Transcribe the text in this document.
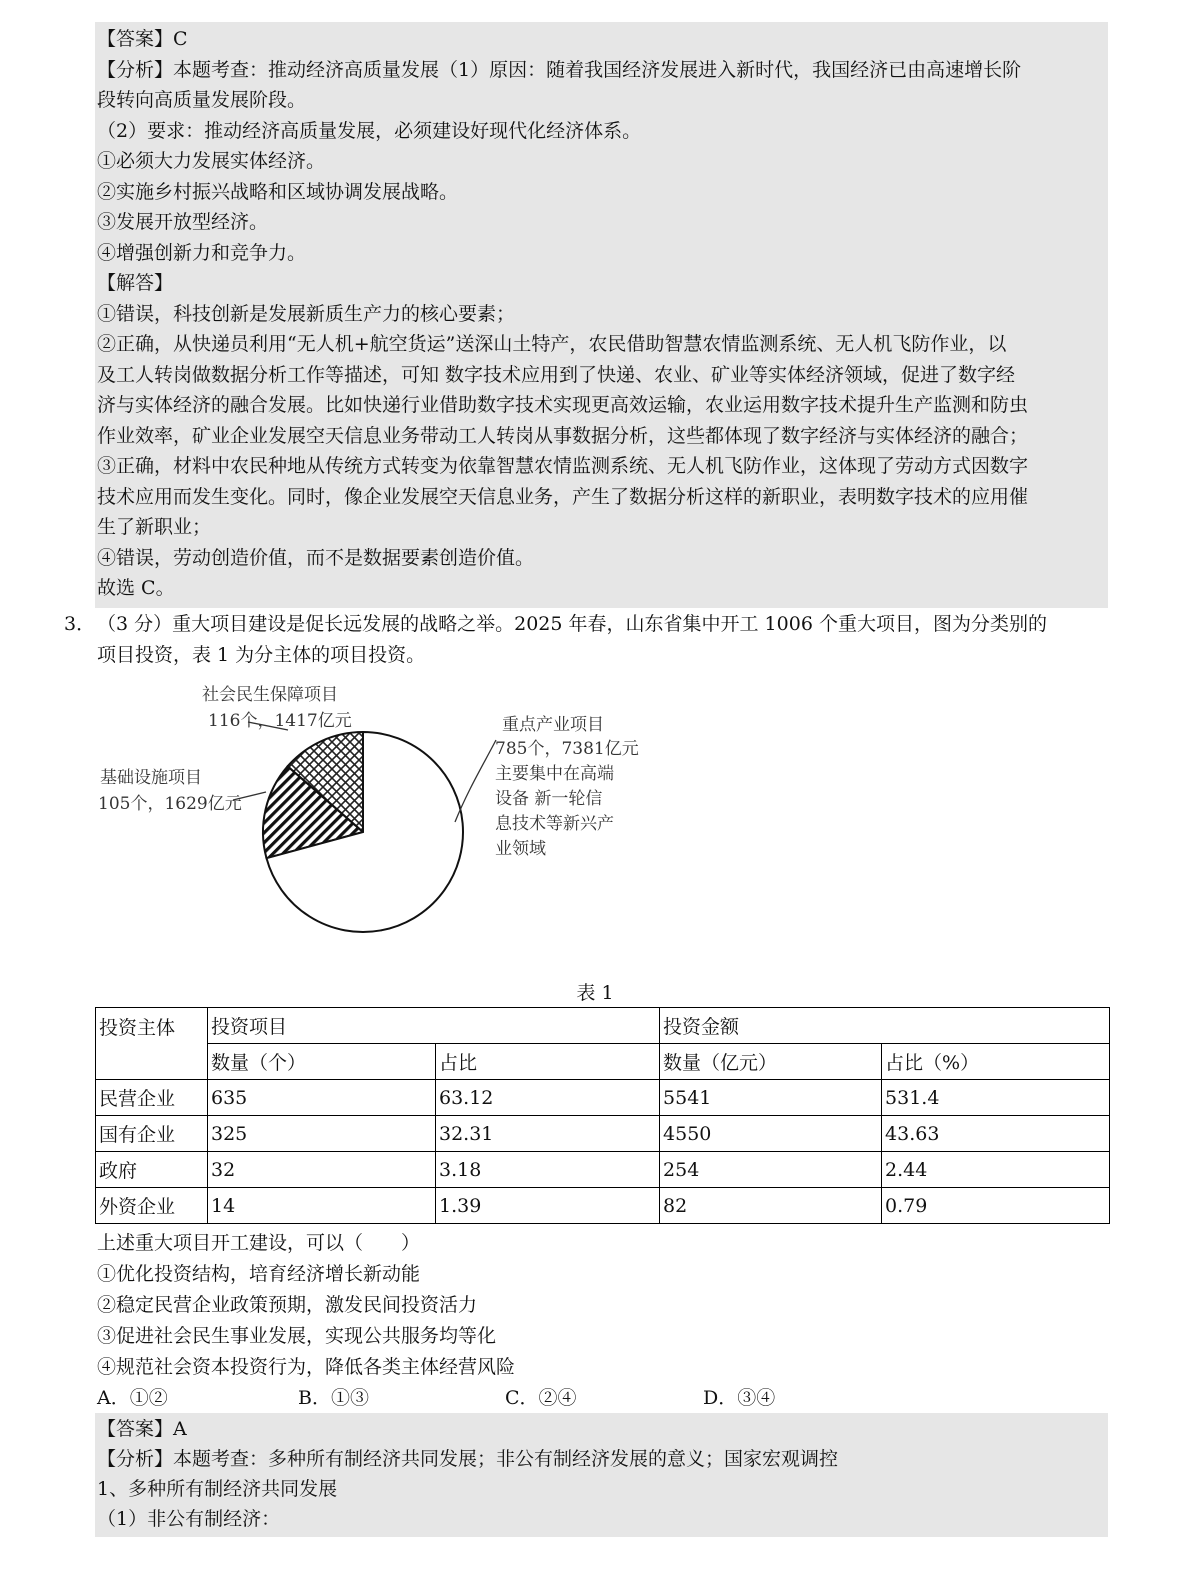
【答案】C
【分析】本题考查：推动经济高质量发展（1）原因：随着我国经济发展进入新时代，我国经济已由高速增长阶
段转向高质量发展阶段。
（2）要求：推动经济高质量发展，必须建设好现代化经济体系。
①必须大力发展实体经济。
②实施乡村振兴战略和区域协调发展战略。
③发展开放型经济。
④增强创新力和竞争力。
【解答】
①错误，科技创新是发展新质生产力的核心要素；
②正确，从快递员利用“无人机+航空货运”送深山土特产，农民借助智慧农情监测系统、无人机飞防作业，以
及工人转岗做数据分析工作等描述，可知 数字技术应用到了快递、农业、矿业等实体经济领域，促进了数字经
济与实体经济的融合发展。比如快递行业借助数字技术实现更高效运输，农业运用数字技术提升生产监测和防虫
作业效率，矿业企业发展空天信息业务带动工人转岗从事数据分析，这些都体现了数字经济与实体经济的融合；
③正确，材料中农民种地从传统方式转变为依靠智慧农情监测系统、无人机飞防作业，这体现了劳动方式因数字
技术应用而发生变化。同时，像企业发展空天信息业务，产生了数据分析这样的新职业，表明数字技术的应用催
生了新职业；
④错误，劳动创造价值，而不是数据要素创造价值。
故选 C。
3． （3 分）重大项目建设是促长远发展的战略之举。2025 年春，山东省集中开工 1006 个重大项目，图为分类别的
项目投资，表 1 为分主体的项目投资。
社会民生保障项目
116个，1417亿元
基础设施项目
105个，1629亿元
重点产业项目
785个，7381亿元
主要集中在高端
设备 新一轮信
息技术等新兴产
业领域
表 1
投资主体	投资项目		投资金额	
	数量（个）	占比	数量（亿元）	占比（%）
民营企业	635	63.12	5541	531.4
国有企业	325	32.31	4550	43.63
政府	32	3.18	254	2.44
外资企业	14	1.39	82	0.79
上述重大项目开工建设，可以（　　）
①优化投资结构，培育经济增长新动能
②稳定民营企业政策预期，激发民间投资活力
③促进社会民生事业发展，实现公共服务均等化
④规范社会资本投资行为，降低各类主体经营风险
A．①②	B．①③	C．②④	D．③④
【答案】A
【分析】本题考查：多种所有制经济共同发展；非公有制经济发展的意义；国家宏观调控
1、多种所有制经济共同发展
（1）非公有制经济：
